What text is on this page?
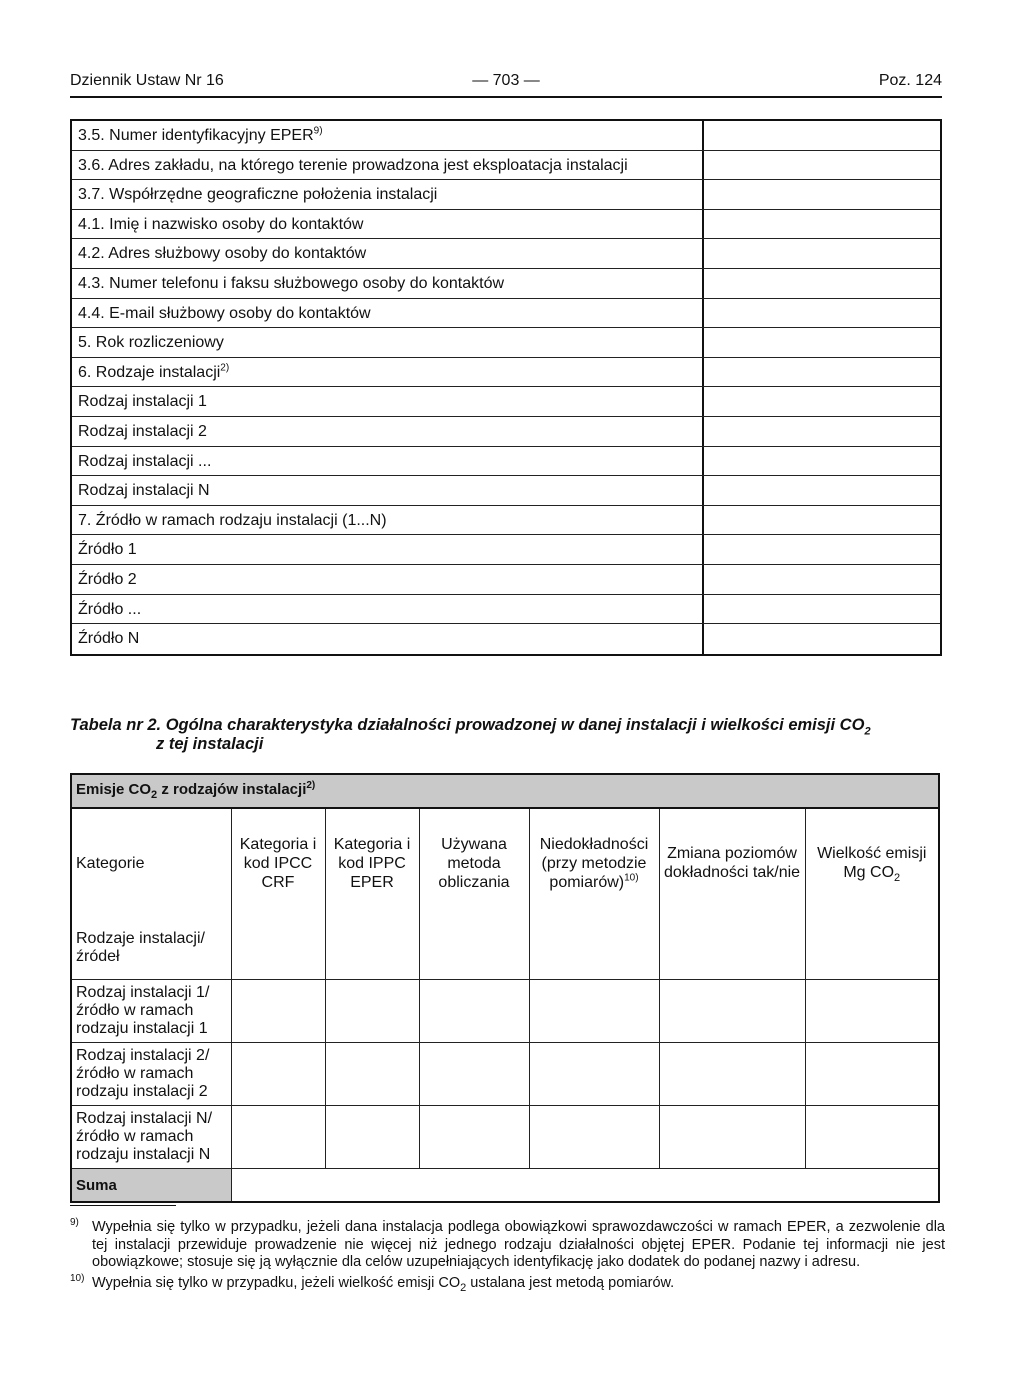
Dziennik Ustaw Nr 16	— 703 —	Poz. 124
3.5. Numer identyfikacyjny EPER$^{9)}$
3.6. Adres zakładu, na którego terenie prowadzona jest eksploatacja instalacji
3.7. Współrzędne geograficzne położenia instalacji
4.1. Imię i nazwisko osoby do kontaktów
4.2. Adres służbowy osoby do kontaktów
4.3. Numer telefonu i faksu służbowego osoby do kontaktów
4.4. E-mail służbowy osoby do kontaktów
5. Rok rozliczeniowy
6. Rodzaje instalacji$^{2)}$
Rodzaj instalacji 1
Rodzaj instalacji 2
Rodzaj instalacji ...
Rodzaj instalacji N
7. Źródło w ramach rodzaju instalacji (1...N)
Źródło 1
Źródło 2
Źródło ...
Źródło N
Tabela nr 2. Ogólna charakterystyka działalności prowadzonej w danej instalacji i wielkości emisji $CO_2$
z tej instalacji
Emisje $CO_2$ z rodzajów instalacji$^{2)}$
Kategorie	Kategoria i kod IPCC CRF	Kategoria i kod IPPC EPER	Używana metoda obliczania	Niedokładności (przy metodzie pomiarów)$^{10)}$	Zmiana poziomów dokładności tak/nie	Wielkość emisji Mg $CO_2$
Rodzaje instalacji/źródeł						
Rodzaj instalacji 1/ źródło w ramach rodzaju instalacji 1						
Rodzaj instalacji 2/ źródło w ramach rodzaju instalacji 2						
Rodzaj instalacji N/ źródło w ramach rodzaju instalacji N						
Suma						
9) Wypełnia się tylko w przypadku, jeżeli dana instalacja podlega obowiązkowi sprawozdawczości w ramach EPER, a zezwolenie dla tej instalacji przewiduje prowadzenie nie więcej niż jednego rodzaju działalności objętej EPER. Podanie tej informacji nie jest obowiązkowe; stosuje się ją wyłącznie dla celów uzupełniających identyfikację jako dodatek do podanej nazwy i adresu.
10) Wypełnia się tylko w przypadku, jeżeli wielkość emisji $CO_2$ ustalana jest metodą pomiarów.
